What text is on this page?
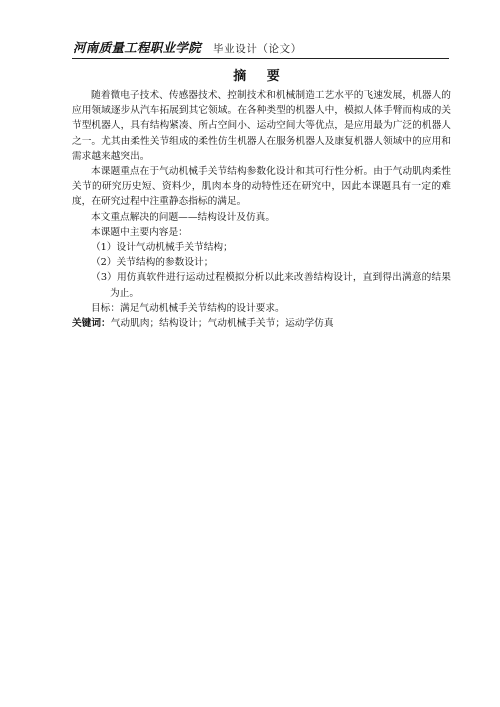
河南质量工程职业学院 毕业设计（论文）
摘 要

随着微电子技术、传感器技术、控制技术和机械制造工艺水平的飞速发展，机器人的应用领域逐步从汽车拓展到其它领域。在各种类型的机器人中，模拟人体手臂而构成的关节型机器人，具有结构紧凑、所占空间小、运动空间大等优点，是应用最为广泛的机器人之一。尤其由柔性关节组成的柔性仿生机器人在服务机器人及康复机器人领域中的应用和需求越来越突出。

本课题重点在于气动机械手关节结构参数化设计和其可行性分析。由于气动肌肉柔性关节的研究历史短、资料少，肌肉本身的动特性还在研究中，因此本课题具有一定的难度，在研究过程中注重静态指标的满足。

本文重点解决的问题——结构设计及仿真。

本课题中主要内容是：

（1）设计气动机械手关节结构；

（2）关节结构的参数设计；

（3）用仿真软件进行运动过程模拟分析以此来改善结构设计，直到得出满意的结果为止。

目标：满足气动机械手关节结构的设计要求。

关键词：气动肌肉；结构设计；气动机械手关节；运动学仿真
